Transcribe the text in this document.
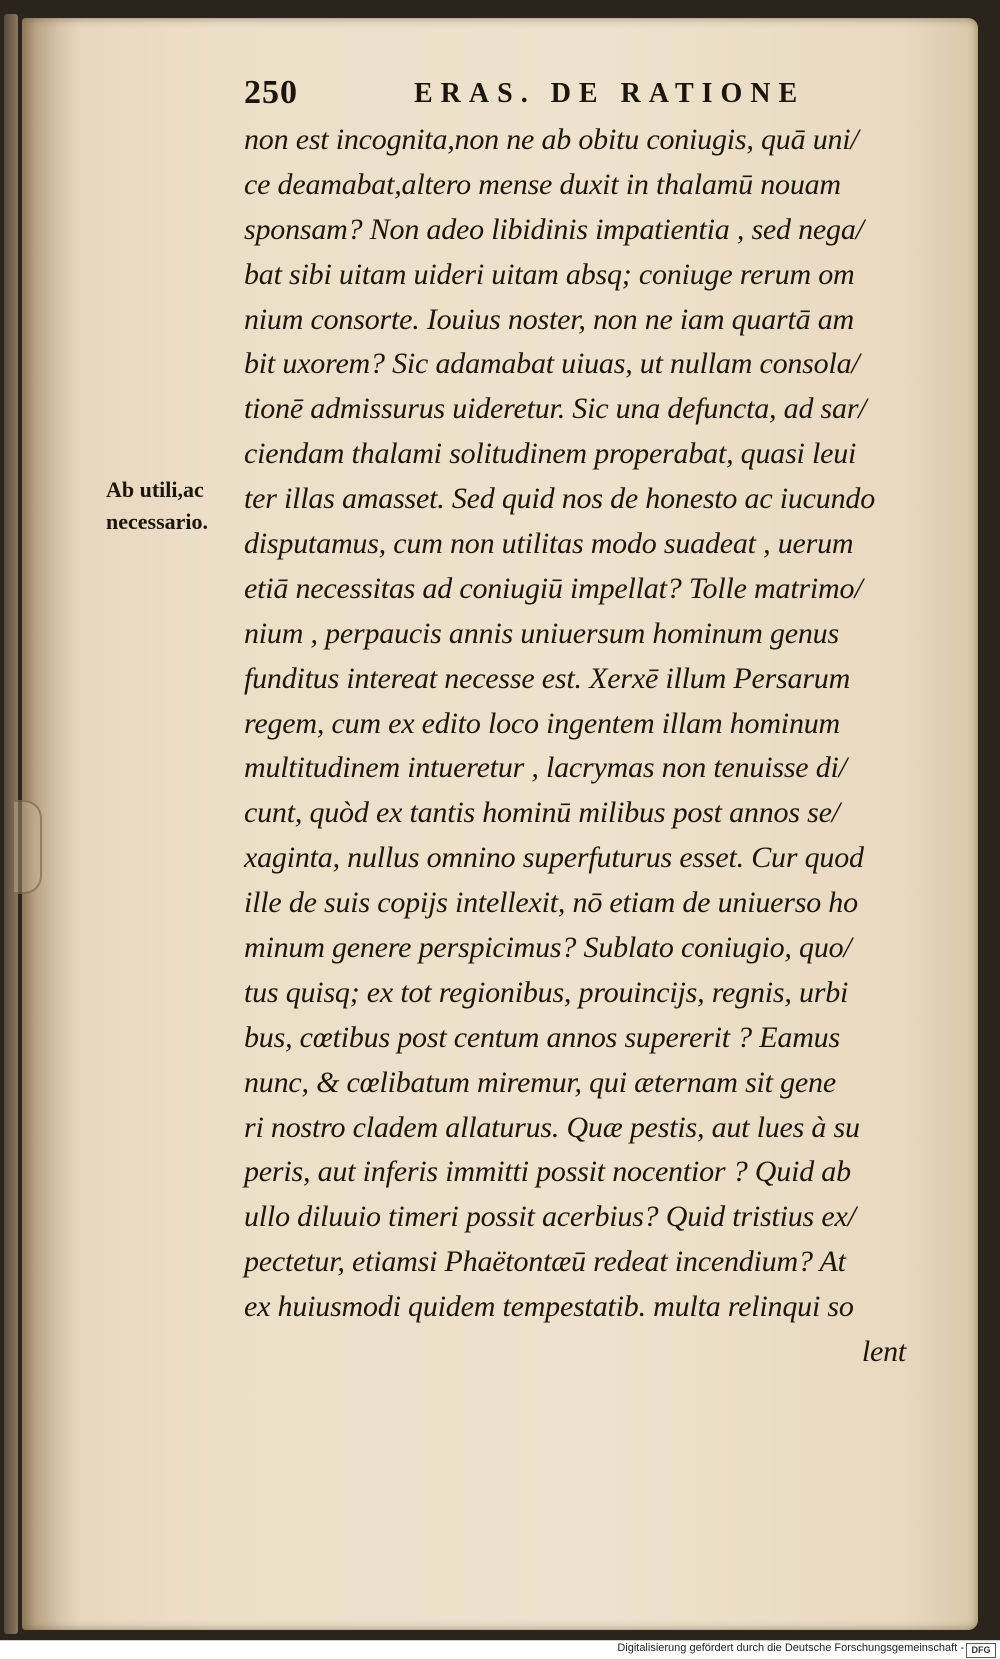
250	ERAS. DE RATIONE
Ab utili,ac
necessario.
non est incognita,non ne ab obitu coniugis, quā uni/
ce deamabat,altero mense duxit in thalamū nouam
sponsam? Non adeo libidinis impatientia , sed nega/
bat sibi uitam uideri uitam absq; coniuge rerum om
nium consorte. Iouius noster, non ne iam quartā am
bit uxorem? Sic adamabat uiuas, ut nullam consola/
tionē admissurus uideretur. Sic una defuncta, ad sar/
ciendam thalami solitudinem properabat, quasi leui
ter illas amasset. Sed quid nos de honesto ac iucundo
disputamus, cum non utilitas modo suadeat , uerum
etiā necessitas ad coniugiū impellat? Tolle matrimo/
nium , perpaucis annis uniuersum hominum genus
funditus intereat necesse est. Xerxē illum Persarum
regem, cum ex edito loco ingentem illam hominum
multitudinem intueretur , lacrymas non tenuisse di/
cunt, quòd ex tantis hominū milibus post annos se/
xaginta, nullus omnino superfuturus esset. Cur quod
ille de suis copijs intellexit, nō etiam de uniuerso ho
minum genere perspicimus? Sublato coniugio, quo/
tus quisq; ex tot regionibus, prouincijs, regnis, urbi
bus, cœtibus post centum annos supererit ? Eamus
nunc, & cœlibatum miremur, qui æternam sit gene
ri nostro cladem allaturus. Quæ pestis, aut lues à su
peris, aut inferis immitti possit nocentior ? Quid ab
ullo diluuio timeri possit acerbius? Quid tristius ex/
pectetur, etiamsi Phaëtontæū redeat incendium? At
ex huiusmodi quidem tempestatib. multa relinqui so
lent
Digitalisierung gefördert durch die Deutsche Forschungsgemeinschaft - DFG
